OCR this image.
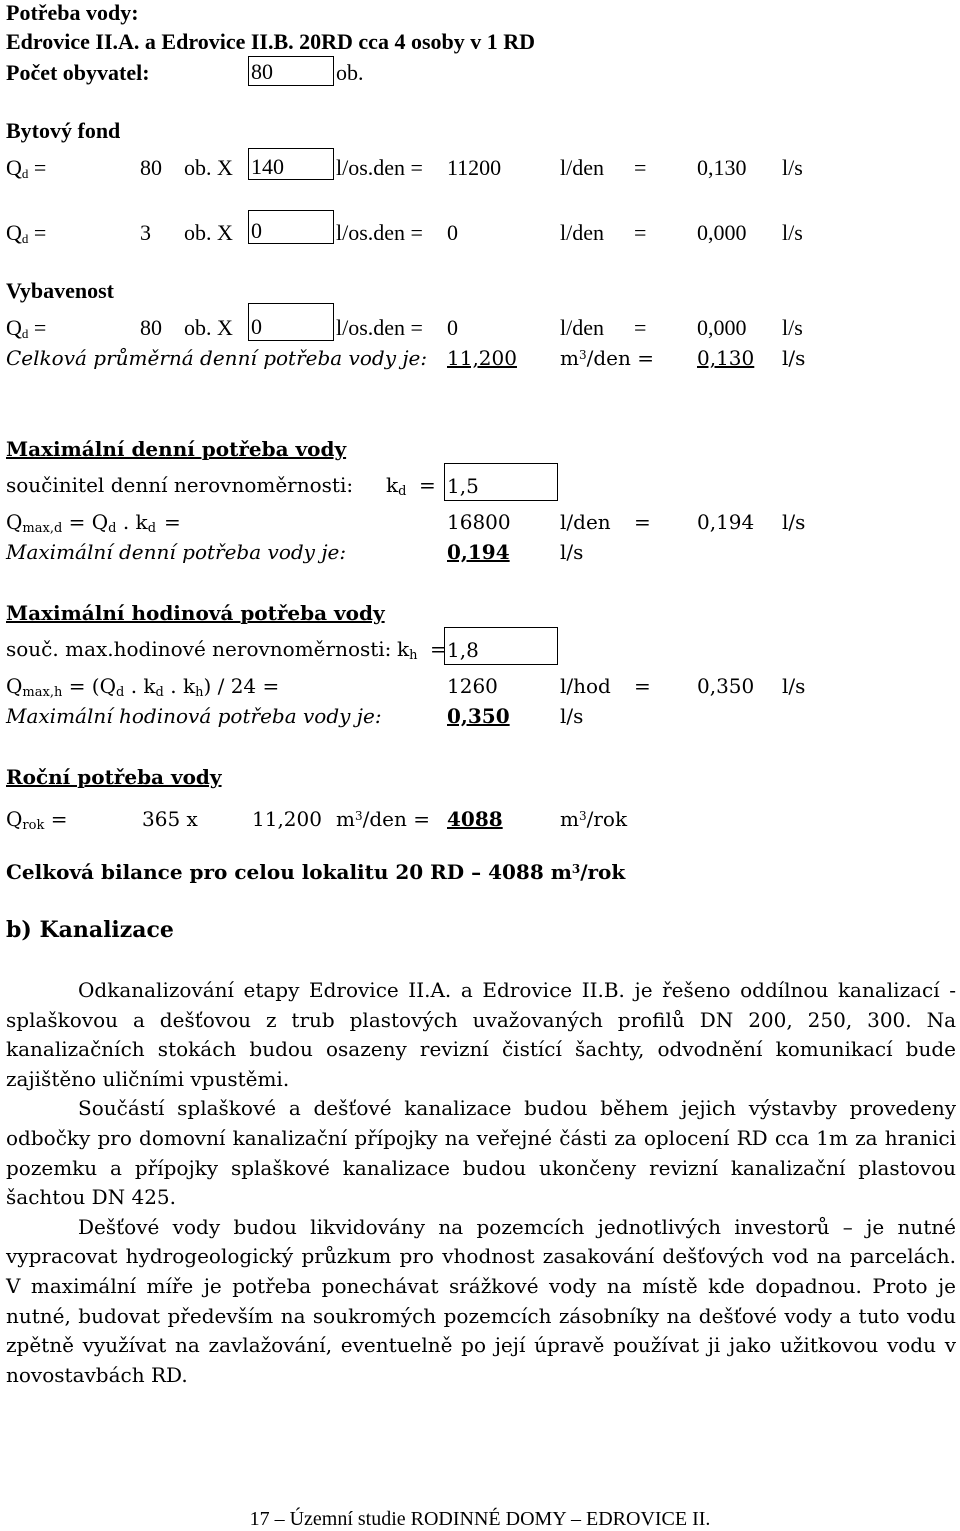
Potřeba vody:
Edrovice II.A. a Edrovice II.B. 20RD cca 4 osoby v 1 RD
Počet obyvatel:	80	ob.
Bytový fond
$Q_d$ =	80 ob. X 140 l/os.den = 11200	l/den = 0,130 l/s
$Q_d$ =	3 ob. X 0	l/os.den = 0	l/den = 0,000 l/s
Vybavenost
$Q_d$ =	80 ob. X 0	l/os.den = 0	l/den = 0,000 l/s
Celková průměrná denní potřeba vody je: 11,200 $m^3$/den = 0,130 l/s
Maximální denní potřeba vody
součinitel denní nerovnoměrnosti: $k_d = 1,5$
$Q_{max,d} = Q_d$ . $k_d$ =	16800 l/den = 0,194 l/s
Maximální denní potřeba vody je:	0,194	l/s
Maximální hodinová potřeba vody
souč. max.hodinové nerovnoměrnosti: $k_h = 1,8$
$Q_{max,h} = (Q_d$ . $k_d$ . $k_h) / 24$ =	1260	l/hod = 0,350 l/s
Maximální hodinová potřeba vody je:	0,350	l/s
Roční potřeba vody
$Q_{rok}$ =	365 x	11,200 $m^3$/den = 4088	$m^3$/rok
Celková bilance pro celou lokalitu 20 RD – 4088 $m^3$/rok
b) Kanalizace

Odkanalizování etapy Edrovice II.A. a Edrovice II.B. je řešeno oddílnou kanalizací - splaškovou a dešťovou z trub plastových uvažovaných profilů DN 200, 250, 300. Na kanalizačních stokách budou osazeny revizní čistící šachty, odvodnění komunikací bude zajištěno uličními vpustěmi.

Součástí splaškové a dešťové kanalizace budou během jejich výstavby provedeny odbočky pro domovní kanalizační přípojky na veřejné části za oplocení RD cca 1m za hranici pozemku a přípojky splaškové kanalizace budou ukončeny revizní kanalizační plastovou šachtou DN 425.

Dešťové vody budou likvidovány na pozemcích jednotlivých investorů – je nutné vypracovat hydrogeologický průzkum pro vhodnost zasakování dešťových vod na parcelách. V maximální míře je potřeba ponechávat srážkové vody na místě kde dopadnou. Proto je nutné, budovat především na soukromých pozemcích zásobníky na dešťové vody a tuto vodu zpětně využívat na zavlažování, eventuelně po její úpravě používat ji jako užitkovou vodu v novostavbách RD.

17 – Územní studie RODINNÉ DOMY – EDROVICE II.
